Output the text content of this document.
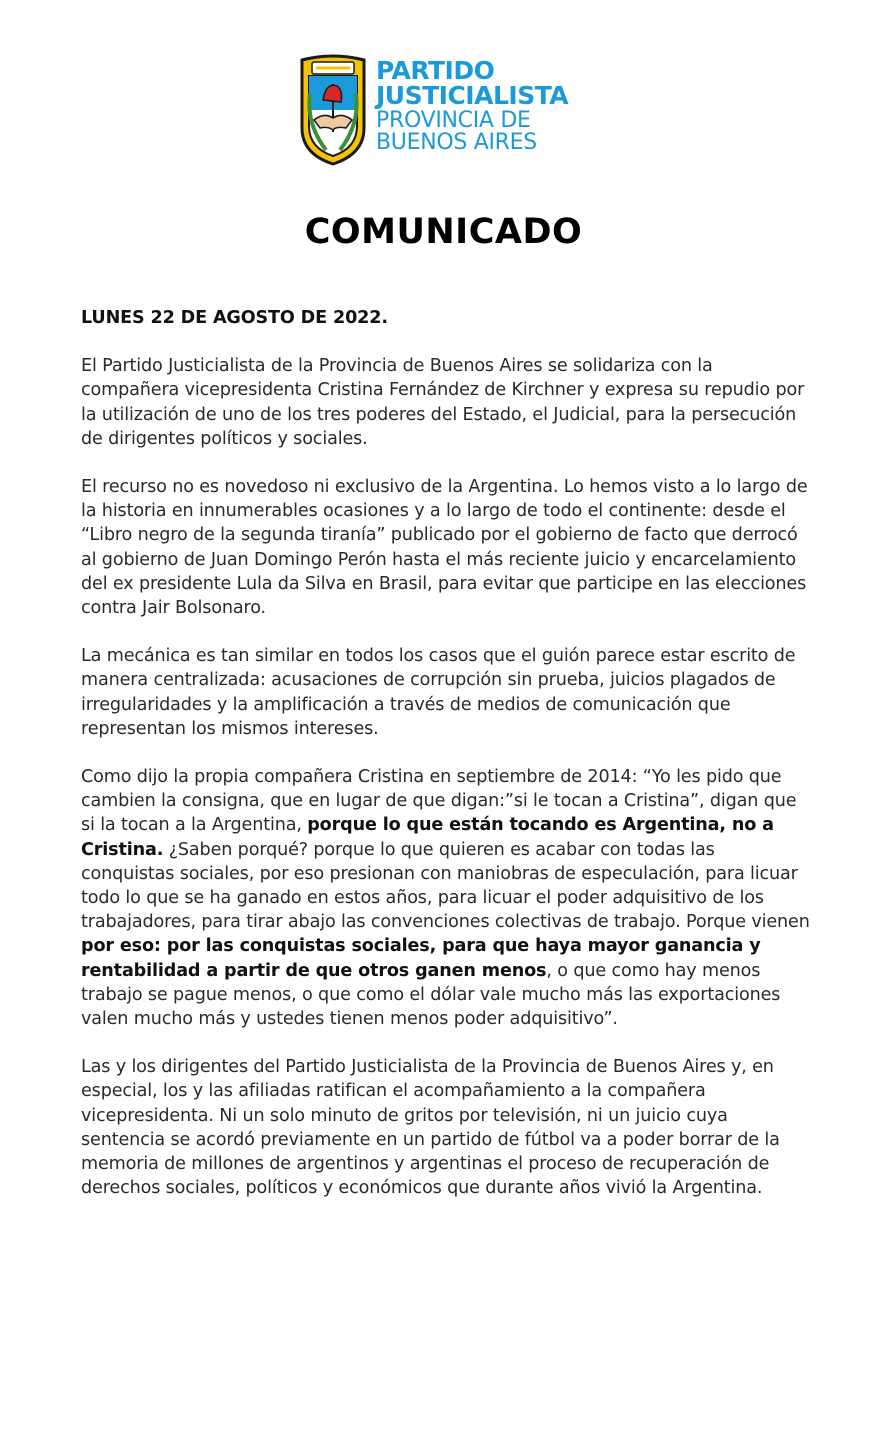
PARTIDO
JUSTICIALISTA
PROVINCIA DE
BUENOS AIRES
COMUNICADO

LUNES 22 DE AGOSTO DE 2022.

El Partido Justicialista de la Provincia de Buenos Aires se solidariza con la compañera vicepresidenta Cristina Fernández de Kirchner y expresa su repudio por la utilización de uno de los tres poderes del Estado, el Judicial, para la persecución de dirigentes políticos y sociales.

El recurso no es novedoso ni exclusivo de la Argentina. Lo hemos visto a lo largo de la historia en innumerables ocasiones y a lo largo de todo el continente: desde el “Libro negro de la segunda tiranía” publicado por el gobierno de facto que derrocó al gobierno de Juan Domingo Perón hasta el más reciente juicio y encarcelamiento del ex presidente Lula da Silva en Brasil, para evitar que participe en las elecciones contra Jair Bolsonaro.

La mecánica es tan similar en todos los casos que el guión parece estar escrito de manera centralizada: acusaciones de corrupción sin prueba, juicios plagados de irregularidades y la amplificación a través de medios de comunicación que representan los mismos intereses.

Como dijo la propia compañera Cristina en septiembre de 2014: “Yo les pido que cambien la consigna, que en lugar de que digan:”si le tocan a Cristina”, digan que si la tocan a la Argentina, porque lo que están tocando es Argentina, no a Cristina. ¿Saben porqué? porque lo que quieren es acabar con todas las conquistas sociales, por eso presionan con maniobras de especulación, para licuar todo lo que se ha ganado en estos años, para licuar el poder adquisitivo de los trabajadores, para tirar abajo las convenciones colectivas de trabajo. Porque vienen por eso: por las conquistas sociales, para que haya mayor ganancia y rentabilidad a partir de que otros ganen menos, o que como hay menos trabajo se pague menos, o que como el dólar vale mucho más las exportaciones valen mucho más y ustedes tienen menos poder adquisitivo”.

Las y los dirigentes del Partido Justicialista de la Provincia de Buenos Aires y, en especial, los y las afiliadas ratifican el acompañamiento a la compañera vicepresidenta. Ni un solo minuto de gritos por televisión, ni un juicio cuya sentencia se acordó previamente en un partido de fútbol va a poder borrar de la memoria de millones de argentinos y argentinas el proceso de recuperación de derechos sociales, políticos y económicos que durante años vivió la Argentina.
